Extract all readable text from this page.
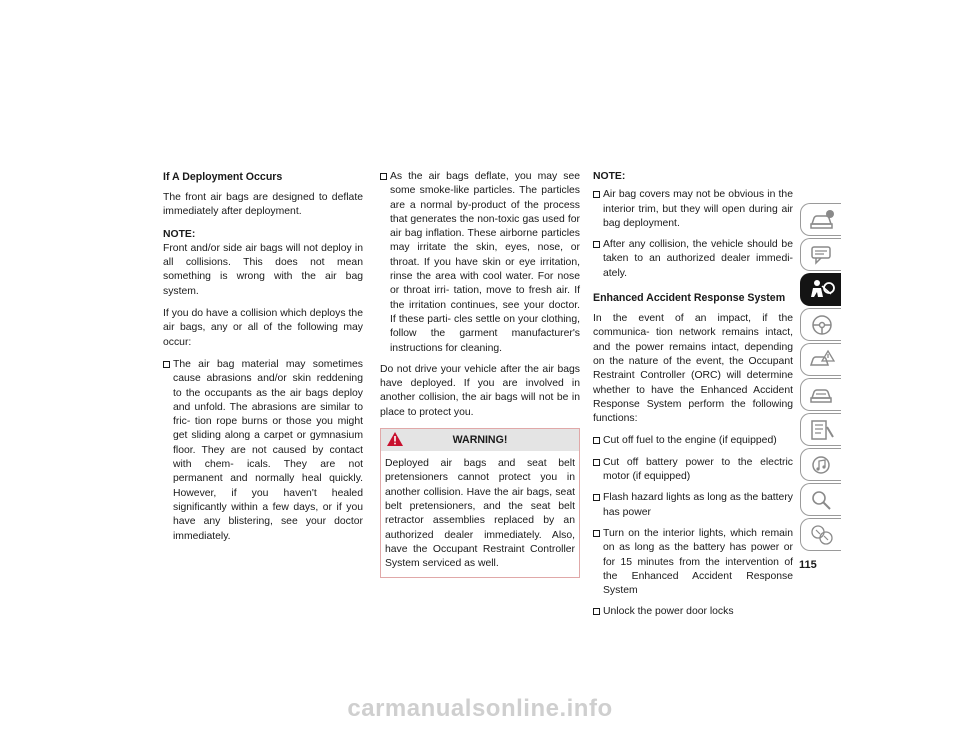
If A Deployment Occurs

The front air bags are designed to deflate immediately after deployment.

NOTE:
Front and/or side air bags will not deploy in all collisions. This does not mean something is wrong with the air bag system.

If you do have a collision which deploys the air bags, any or all of the following may occur:

The air bag material may sometimes cause abrasions and/or skin reddening to the occupants as the air bags deploy and unfold. The abrasions are similar to fric- tion rope burns or those you might get sliding along a carpet or gymnasium floor. They are not caused by contact with chem- icals. They are not permanent and normally heal quickly. However, if you haven't healed significantly within a few days, or if you have any blistering, see your doctor immediately.
As the air bags deflate, you may see some smoke-like particles. The particles are a normal by-product of the process that generates the non-toxic gas used for air bag inflation. These airborne particles may irritate the skin, eyes, nose, or throat. If you have skin or eye irritation, rinse the area with cool water. For nose or throat irri- tation, move to fresh air. If the irritation continues, see your doctor. If these parti- cles settle on your clothing, follow the garment manufacturer's instructions for cleaning.

Do not drive your vehicle after the air bags have deployed. If you are involved in another collision, the air bags will not be in place to protect you.

WARNING!
Deployed air bags and seat belt pretensioners cannot protect you in another collision. Have the air bags, seat belt pretensioners, and the seat belt retractor assemblies replaced by an authorized dealer immediately. Also, have the Occupant Restraint Controller System serviced as well.

NOTE:

Air bag covers may not be obvious in the interior trim, but they will open during air bag deployment.
After any collision, the vehicle should be taken to an authorized dealer immedi- ately.
Enhanced Accident Response System

In the event of an impact, if the communica- tion network remains intact, and the power remains intact, depending on the nature of the event, the Occupant Restraint Controller (ORC) will determine whether to have the Enhanced Accident Response System perform the following functions:

Cut off fuel to the engine (if equipped)
Cut off battery power to the electric motor (if equipped)
Flash hazard lights as long as the battery has power
Turn on the interior lights, which remain on as long as the battery has power or for 15 minutes from the intervention of the Enhanced Accident Response System
Unlock the power door locks
115
carmanualsonline.info
